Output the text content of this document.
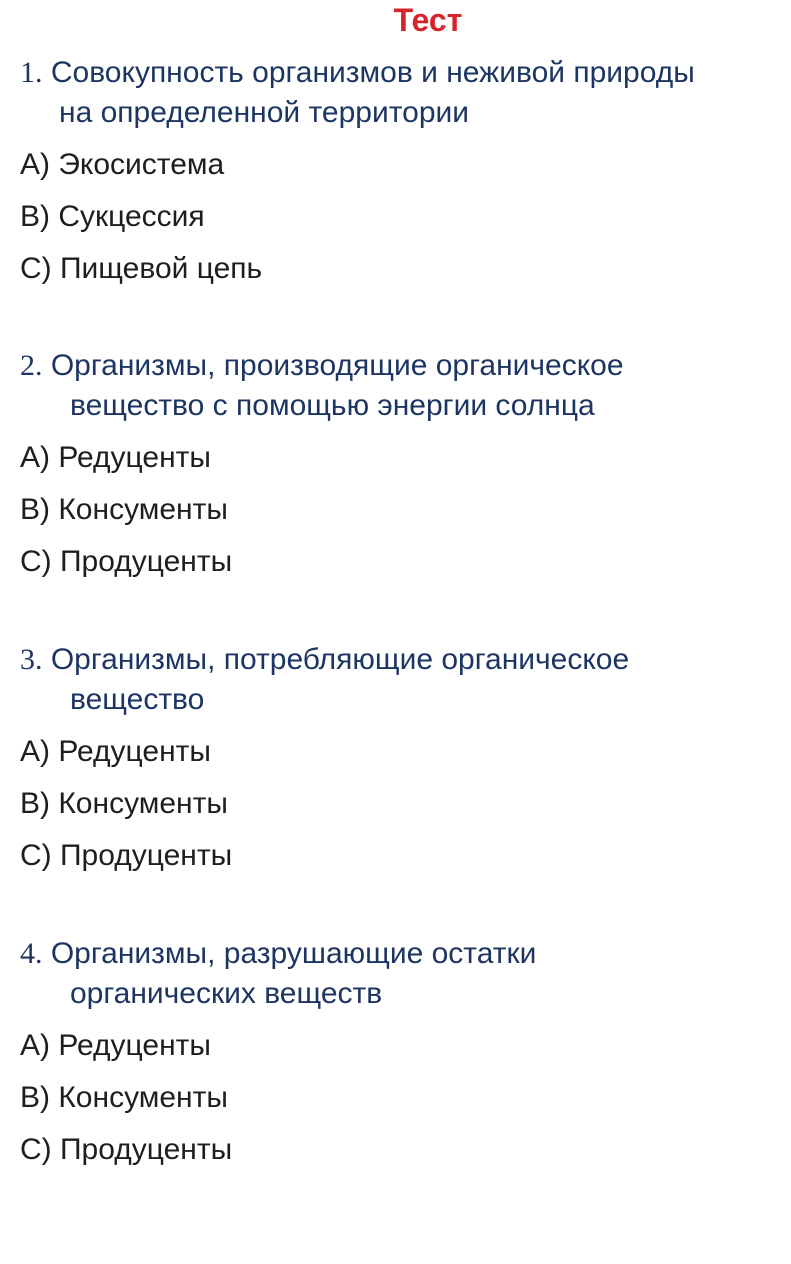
Тест
1. Совокупность организмов и неживой природы
на определенной территории
А) Экосистема
В) Сукцессия
С) Пищевой цепь
2. Организмы, производящие органическое
вещество с помощью энергии солнца
А) Редуценты
В) Консументы
С) Продуценты
3. Организмы, потребляющие органическое
вещество
А) Редуценты
В) Консументы
С) Продуценты
4. Организмы, разрушающие остатки
органических веществ
А) Редуценты
В) Консументы
С) Продуценты
